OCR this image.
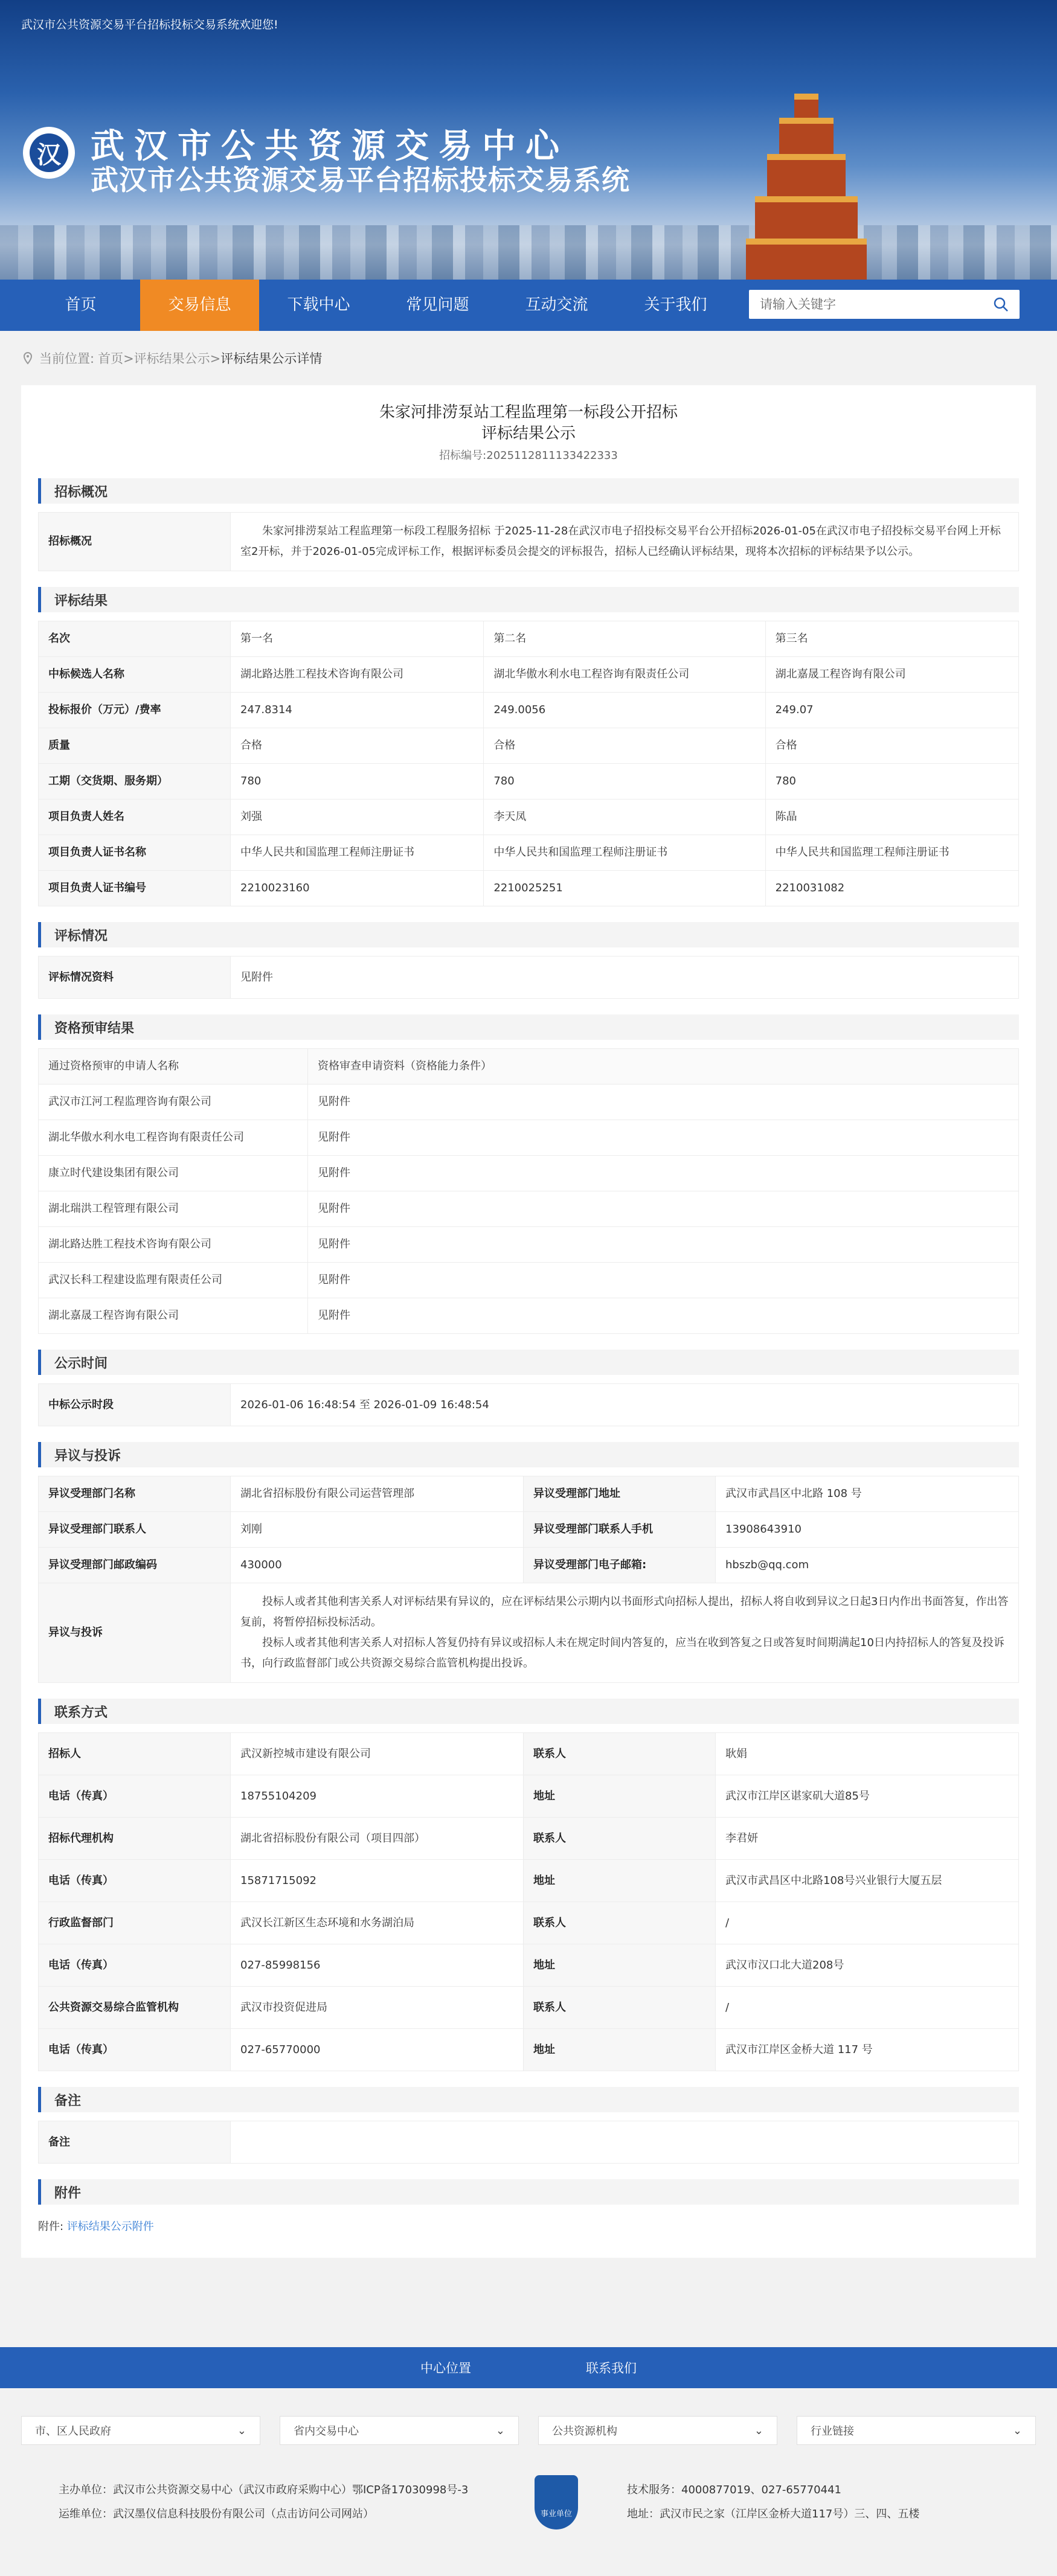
武汉市公共资源交易平台招标投标交易系统欢迎您!
汉 武汉市公共资源交易中心
武汉市公共资源交易平台招标投标交易系统
首页	交易信息	下载中心	常见问题	互动交流	关于我们
请输入关键字
当前位置: 首页>评标结果公示> 评标结果公示详情
朱家河排涝泵站工程监理第一标段公开招标
评标结果公示
招标编号:2025112811133422333
招标概况
招标概况	朱家河排涝泵站工程监理第一标段工程服务招标 于2025-11-28在武汉市电子招投标交易平台公开招标2026-01-05在武汉市电子招投标交易平台网上开标室2开标，并于2026-01-05完成评标工作，根据评标委员会提交的评标报告，招标人已经确认评标结果，现将本次招标的评标结果予以公示。
评标结果
名次	第一名	第二名	第三名
中标候选人名称	湖北路达胜工程技术咨询有限公司	湖北华傲水利水电工程咨询有限责任公司	湖北嘉晟工程咨询有限公司
投标报价（万元）/费率	247.8314	249.0056	249.07
质量	合格	合格	合格
工期（交货期、服务期）	780	780	780
项目负责人姓名	刘强	李天凤	陈晶
项目负责人证书名称	中华人民共和国监理工程师注册证书	中华人民共和国监理工程师注册证书	中华人民共和国监理工程师注册证书
项目负责人证书编号	2210023160	2210025251	2210031082
评标情况
评标情况资料	见附件
资格预审结果
通过资格预审的申请人名称	资格审查申请资料（资格能力条件）
武汉市江河工程监理咨询有限公司	见附件
湖北华傲水利水电工程咨询有限责任公司	见附件
康立时代建设集团有限公司	见附件
湖北瑞洪工程管理有限公司	见附件
湖北路达胜工程技术咨询有限公司	见附件
武汉长科工程建设监理有限责任公司	见附件
湖北嘉晟工程咨询有限公司	见附件
公示时间
中标公示时段	2026-01-06 16:48:54 至 2026-01-09 16:48:54
异议与投诉
异议受理部门名称	湖北省招标股份有限公司运营管理部	异议受理部门地址	武汉市武昌区中北路 108 号
异议受理部门联系人	刘刚	异议受理部门联系人手机	13908643910
异议受理部门邮政编码	430000	异议受理部门电子邮箱:	hbszb@qq.com
异议与投诉	投标人或者其他利害关系人对评标结果有异议的，应在评标结果公示期内以书面形式向招标人提出，招标人将自收到异议之日起3日内作出书面答复，作出答复前，将暂停招标投标活动。
投标人或者其他利害关系人对招标人答复仍持有异议或招标人未在规定时间内答复的，应当在收到答复之日或答复时间期满起10日内持招标人的答复及投诉书，向行政监督部门或公共资源交易综合监管机构提出投诉。		
联系方式
招标人	武汉新控城市建设有限公司	联系人	耿娟
电话（传真）	18755104209	地址	武汉市江岸区谌家矶大道85号
招标代理机构	湖北省招标股份有限公司（项目四部）	联系人	李君妍
电话（传真）	15871715092	地址	武汉市武昌区中北路108号兴业银行大厦五层
行政监督部门	武汉长江新区生态环境和水务湖泊局	联系人	/
电话（传真）	027-85998156	地址	武汉市汉口北大道208号
公共资源交易综合监管机构	武汉市投资促进局	联系人	/
电话（传真）	027-65770000	地址	武汉市江岸区金桥大道 117 号
备注
备注	
附件
附件: 评标结果公示附件
中心位置	联系我们
市、区人民政府	⌄	省内交易中心	⌄	公共资源机构	⌄	行业链接	⌄
主办单位：武汉市公共资源交易中心（武汉市政府采购中心）鄂ICP备17030998号-3
运维单位：武汉墨仪信息科技股份有限公司（点击访问公司网站）	事业单位
技术服务：4000877019、027-65770441
地址：武汉市民之家（江岸区金桥大道117号）三、四、五楼
